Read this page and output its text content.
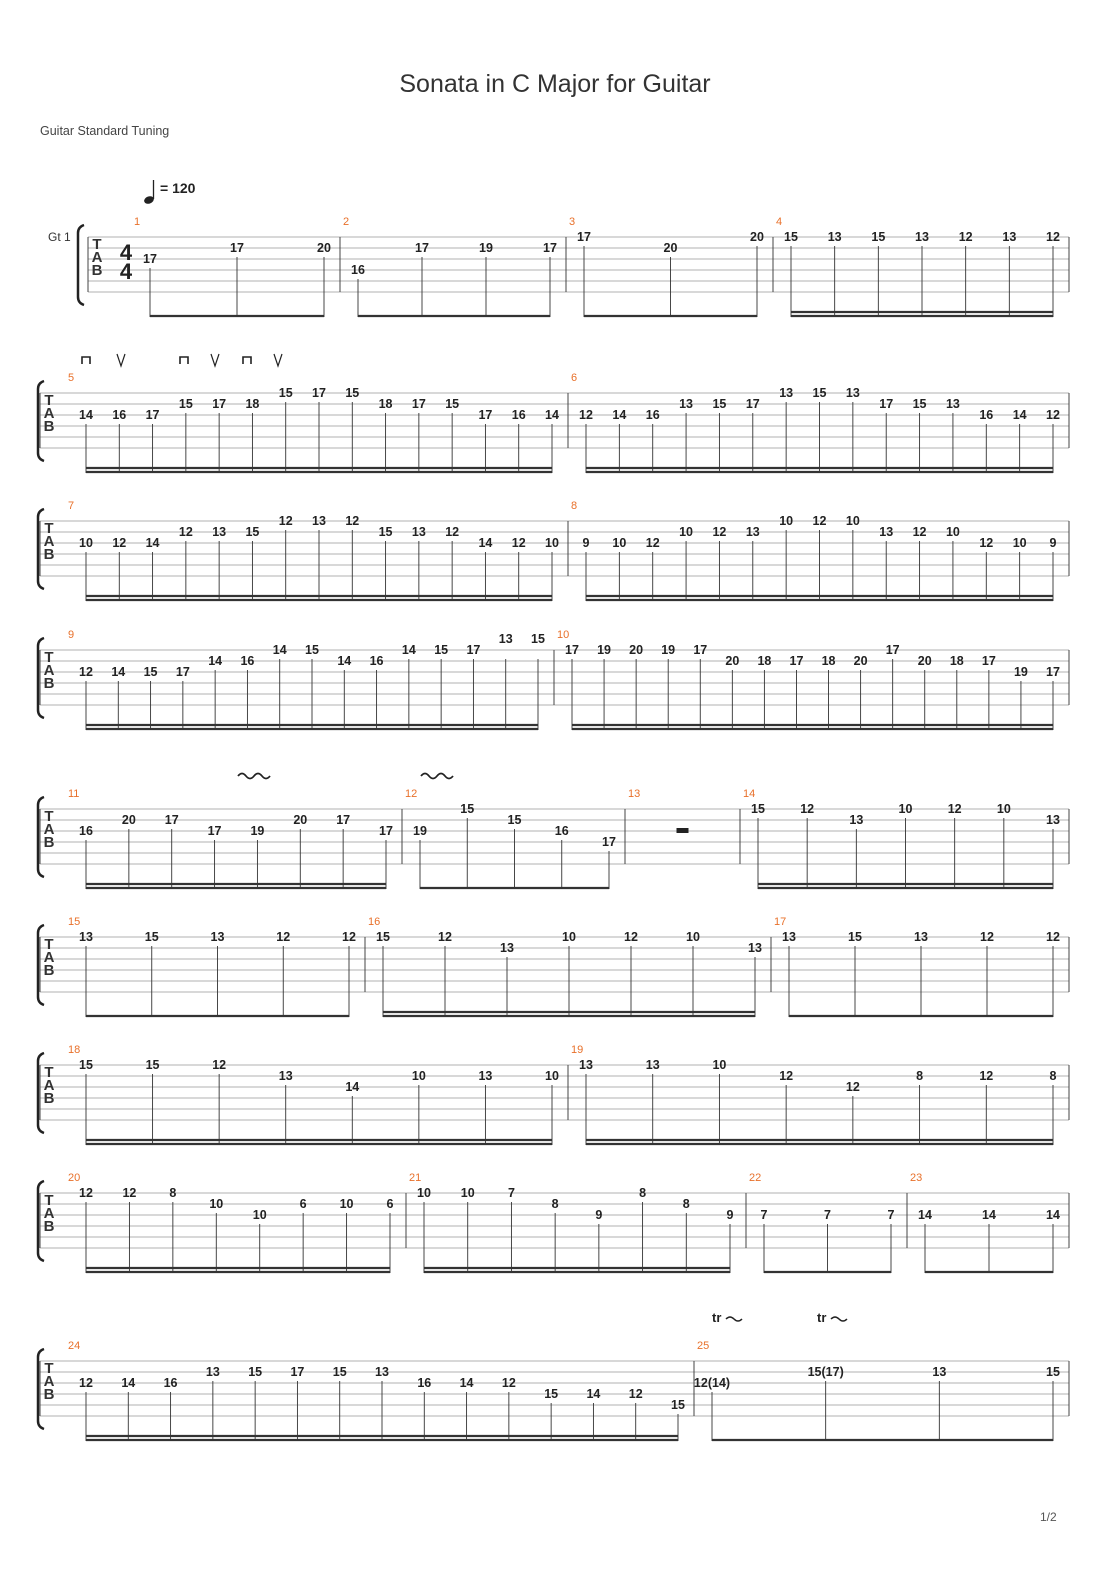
Sonata in C Major for Guitar
Guitar Standard Tuning
= 120
Gt 1
1/2
T
A
B
4
4
1
17
17	20
2
16
17	19	17
3
17
20
20
4
15 13 15 13 12 13 12
T
A
B
5
14 16 17
15 17 18
15 17 15
18 17 15
17 16 14
6
12 14 16
13 15 17
13 15 13
17 15 13
16 14 12
T
A
B
7
10 12 14
12 13 15
12 13 12
15 13 12
14 12 10
8
9 10 12
10 12 13
10 12 10
13 12 10
12 10 9
T
A
B
9
12 14 15 17
14 16
14 15
14 16
14 15 17
13 15 10
17 19 20 19 17
20 18 17 18 20
17
20 18 17
19 17
T
A
B
11
16
20 17
17 19
20 17
17
12
19
15
15
16
17
13	14
15	12
13
10	12	10
13
T
A
B
15
13	15	13	12	12
16
15	12
13
10	12	10
13
17
13	15	13	12	12
T
A
B
18
15	15	12
13
14
10	13	10
19
13	13	10
12
12
8	12	8
T
A
B
20
12 12	8
10
10
6	10	6
21
10 10	7
8
9
8
8
9
22
7	7	7
23
14	14	14
T
A
B
24
12 14 16
13 15 17 15 13
16 14 12
15 14 12
15
25
12(14)
15(17)	13	15
tr	tr
